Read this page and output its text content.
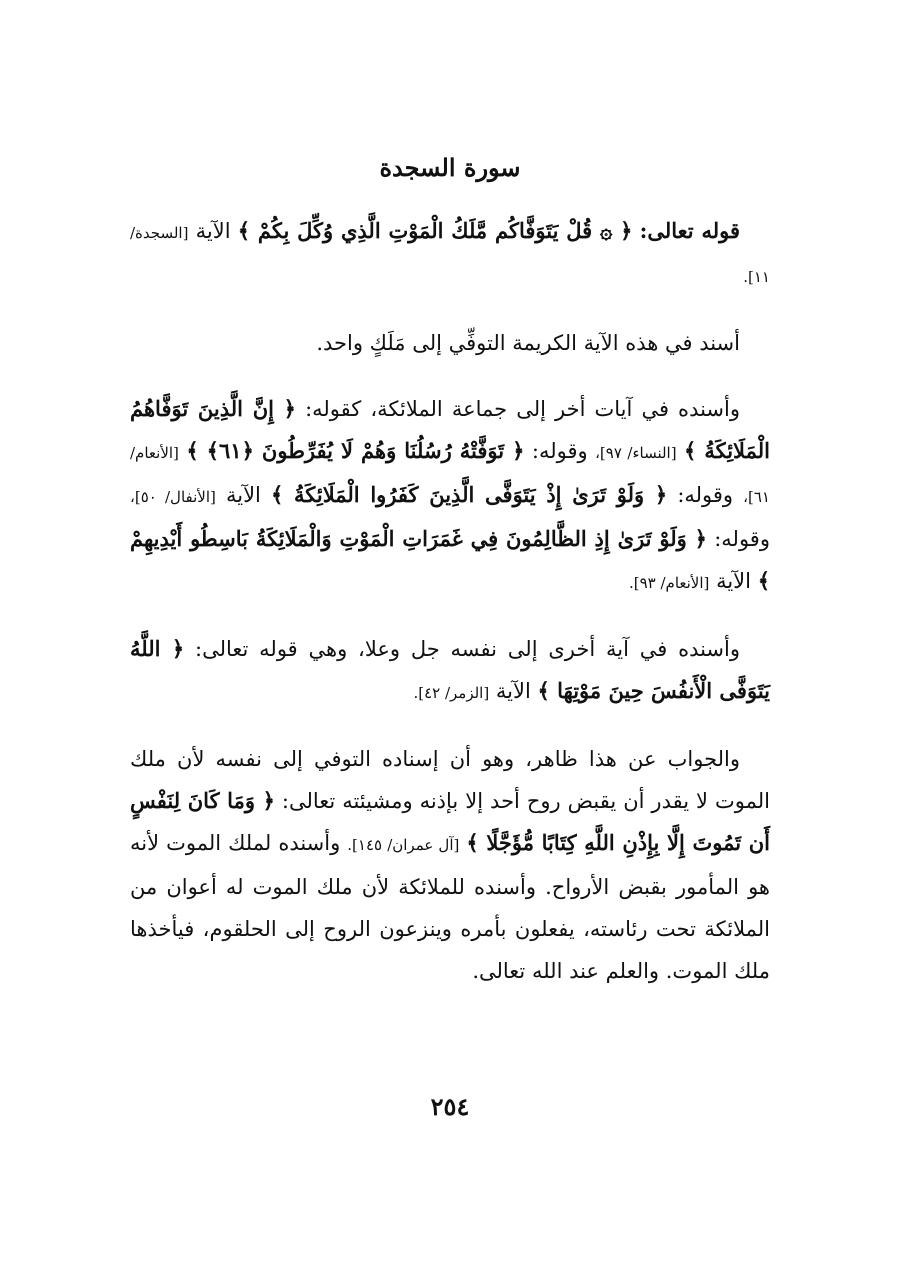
سورة السجدة

قوله تعالى: ﴿ ۞ قُلْ يَتَوَفَّاكُم مَّلَكُ الْمَوْتِ الَّذِي وُكِّلَ بِكُمْ ﴾ الآية [السجدة/ ١١].

أسند في هذه الآية الكريمة التوفِّي إلى مَلَكٍ واحد.

وأسنده في آيات أخر إلى جماعة الملائكة، كقوله: ﴿ إِنَّ الَّذِينَ تَوَفَّاهُمُ الْمَلَائِكَةُ ﴾ [النساء/ ٩٧]، وقوله: ﴿ تَوَفَّتْهُ رُسُلُنَا وَهُمْ لَا يُفَرِّطُونَ ﴿٦١﴾ ﴾ [الأنعام/ ٦١]، وقوله: ﴿ وَلَوْ تَرَىٰ إِذْ يَتَوَفَّى الَّذِينَ كَفَرُوا الْمَلَائِكَةُ ﴾ الآية [الأنفال/ ٥٠]، وقوله: ﴿ وَلَوْ تَرَىٰ إِذِ الظَّالِمُونَ فِي غَمَرَاتِ الْمَوْتِ وَالْمَلَائِكَةُ بَاسِطُو أَيْدِيهِمْ ﴾ الآية [الأنعام/ ٩٣].

وأسنده في آية أخرى إلى نفسه جل وعلا، وهي قوله تعالى: ﴿ اللَّهُ يَتَوَفَّى الْأَنفُسَ حِينَ مَوْتِهَا ﴾ الآية [الزمر/ ٤٢].

والجواب عن هذا ظاهر، وهو أن إسناده التوفي إلى نفسه لأن ملك الموت لا يقدر أن يقبض روح أحد إلا بإذنه ومشيئته تعالى: ﴿ وَمَا كَانَ لِنَفْسٍ أَن تَمُوتَ إِلَّا بِإِذْنِ اللَّهِ كِتَابًا مُّؤَجَّلًا ﴾ [آل عمران/ ١٤٥]. وأسنده لملك الموت لأنه هو المأمور بقبض الأرواح. وأسنده للملائكة لأن ملك الموت له أعوان من الملائكة تحت رئاسته، يفعلون بأمره وينزعون الروح إلى الحلقوم، فيأخذها ملك الموت. والعلم عند الله تعالى.

٢٥٤
